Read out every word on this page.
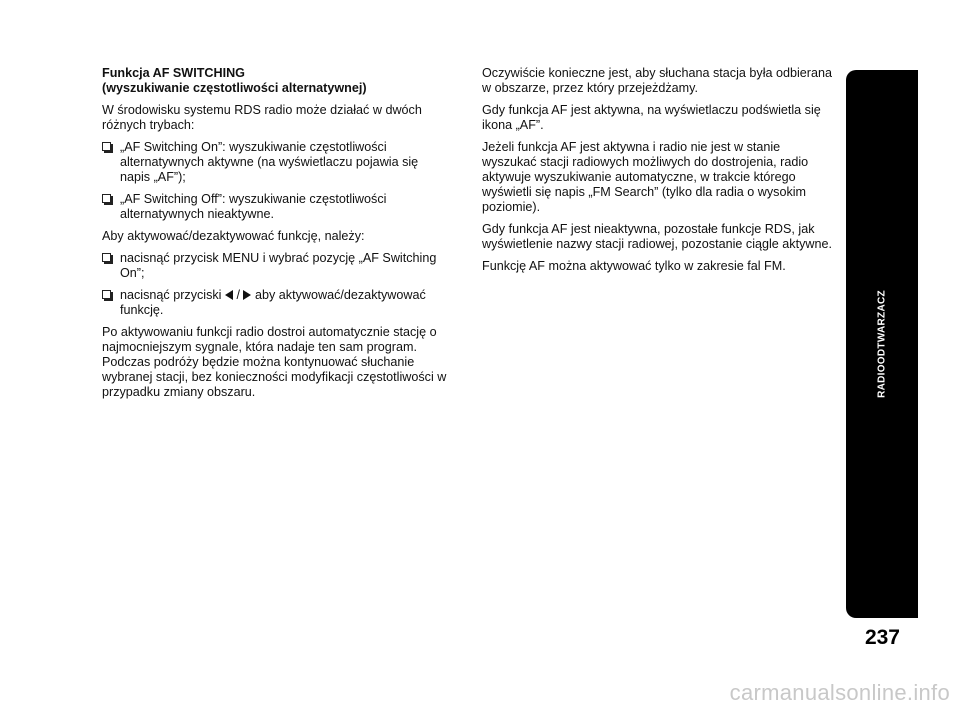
Funkcja AF SWITCHING
(wyszukiwanie częstotliwości alternatywnej)

W środowisku systemu RDS radio może działać w dwóch różnych trybach:

„AF Switching On”: wyszukiwanie częstotliwości alternatywnych aktywne (na wyświetlaczu pojawia się napis „AF”);
„AF Switching Off”: wyszukiwanie częstotliwości alternatywnych nieaktywne.

Aby aktywować/dezaktywować funkcję, należy:

nacisnąć przycisk MENU i wybrać pozycję „AF Switching On”;
nacisnąć przyciski / aby aktywować/dezaktywować funkcję.

Po aktywowaniu funkcji radio dostroi automatycznie stację o najmocniejszym sygnale, która nadaje ten sam program. Podczas podróży będzie można kontynuować słuchanie wybranej stacji, bez konieczności modyfikacji częstotliwości w przypadku zmiany obszaru.

Oczywiście konieczne jest, aby słuchana stacja była odbierana w obszarze, przez który przejeżdżamy.

Gdy funkcja AF jest aktywna, na wyświetlaczu podświetla się ikona „AF”.

Jeżeli funkcja AF jest aktywna i radio nie jest w stanie wyszukać stacji radiowych możliwych do dostrojenia, radio aktywuje wyszukiwanie automatyczne, w trakcie którego wyświetli się napis „FM Search” (tylko dla radia o wysokim poziomie).

Gdy funkcja AF jest nieaktywna, pozostałe funkcje RDS, jak wyświetlenie nazwy stacji radiowej, pozostanie ciągle aktywne.

Funkcję AF można aktywować tylko w zakresie fal FM.

RADIOODTWARZACZ
237
carmanualsonline.info
